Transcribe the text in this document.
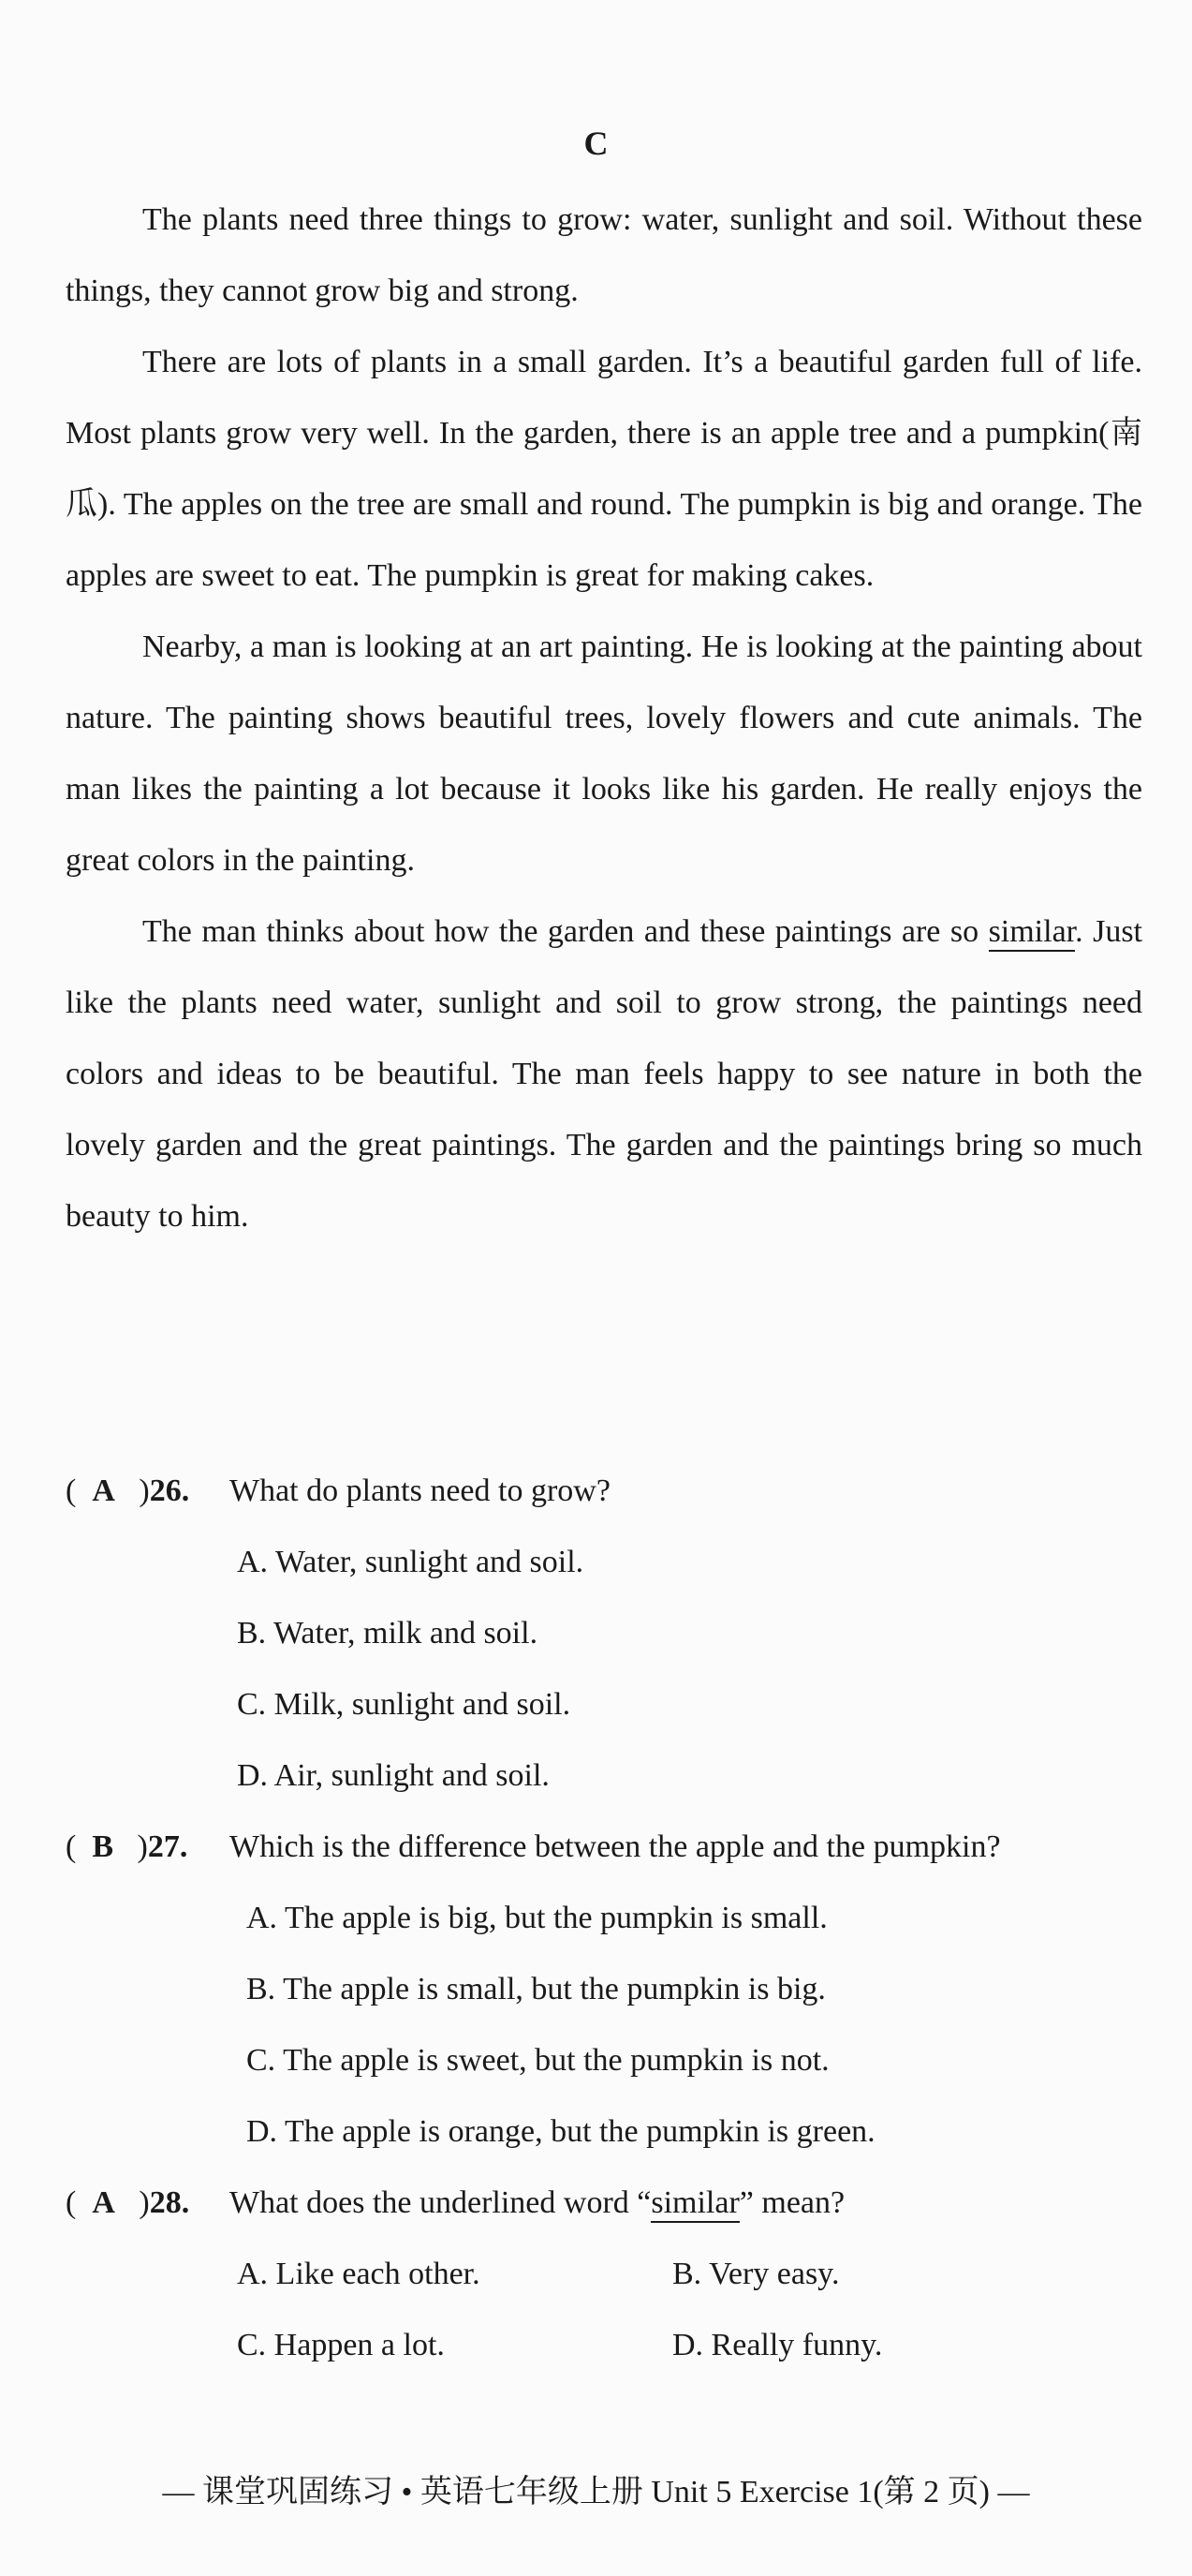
C

The plants need three things to grow: water, sunlight and soil. Without these things, they cannot grow big and strong.

There are lots of plants in a small garden. It’s a beautiful garden full of life. Most plants grow very well. In the garden, there is an apple tree and a pumpkin(南瓜). The apples on the tree are small and round. The pumpkin is big and orange. The apples are sweet to eat. The pumpkin is great for making cakes.

Nearby, a man is looking at an art painting. He is looking at the painting about nature. The painting shows beautiful trees, lovely flowers and cute animals. The man likes the painting a lot because it looks like his garden. He really enjoys the great colors in the painting.

The man thinks about how the garden and these paintings are so similar. Just like the plants need water, sunlight and soil to grow strong, the paintings need colors and ideas to be beautiful. The man feels happy to see nature in both the lovely garden and the great paintings. The garden and the paintings bring so much beauty to him.

( A )26.	What do plants need to grow?
A. Water, sunlight and soil.
B. Water, milk and soil.
C. Milk, sunlight and soil.
D. Air, sunlight and soil.
( B )27.	Which is the difference between the apple and the pumpkin?
A. The apple is big, but the pumpkin is small.
B. The apple is small, but the pumpkin is big.
C. The apple is sweet, but the pumpkin is not.
D. The apple is orange, but the pumpkin is green.
( A )28.	What does the underlined word “similar” mean?
A. Like each other.	B. Very easy.
C. Happen a lot.	D. Really funny.
— 课堂巩固练习 • 英语七年级上册 Unit 5 Exercise 1(第 2 页) —
